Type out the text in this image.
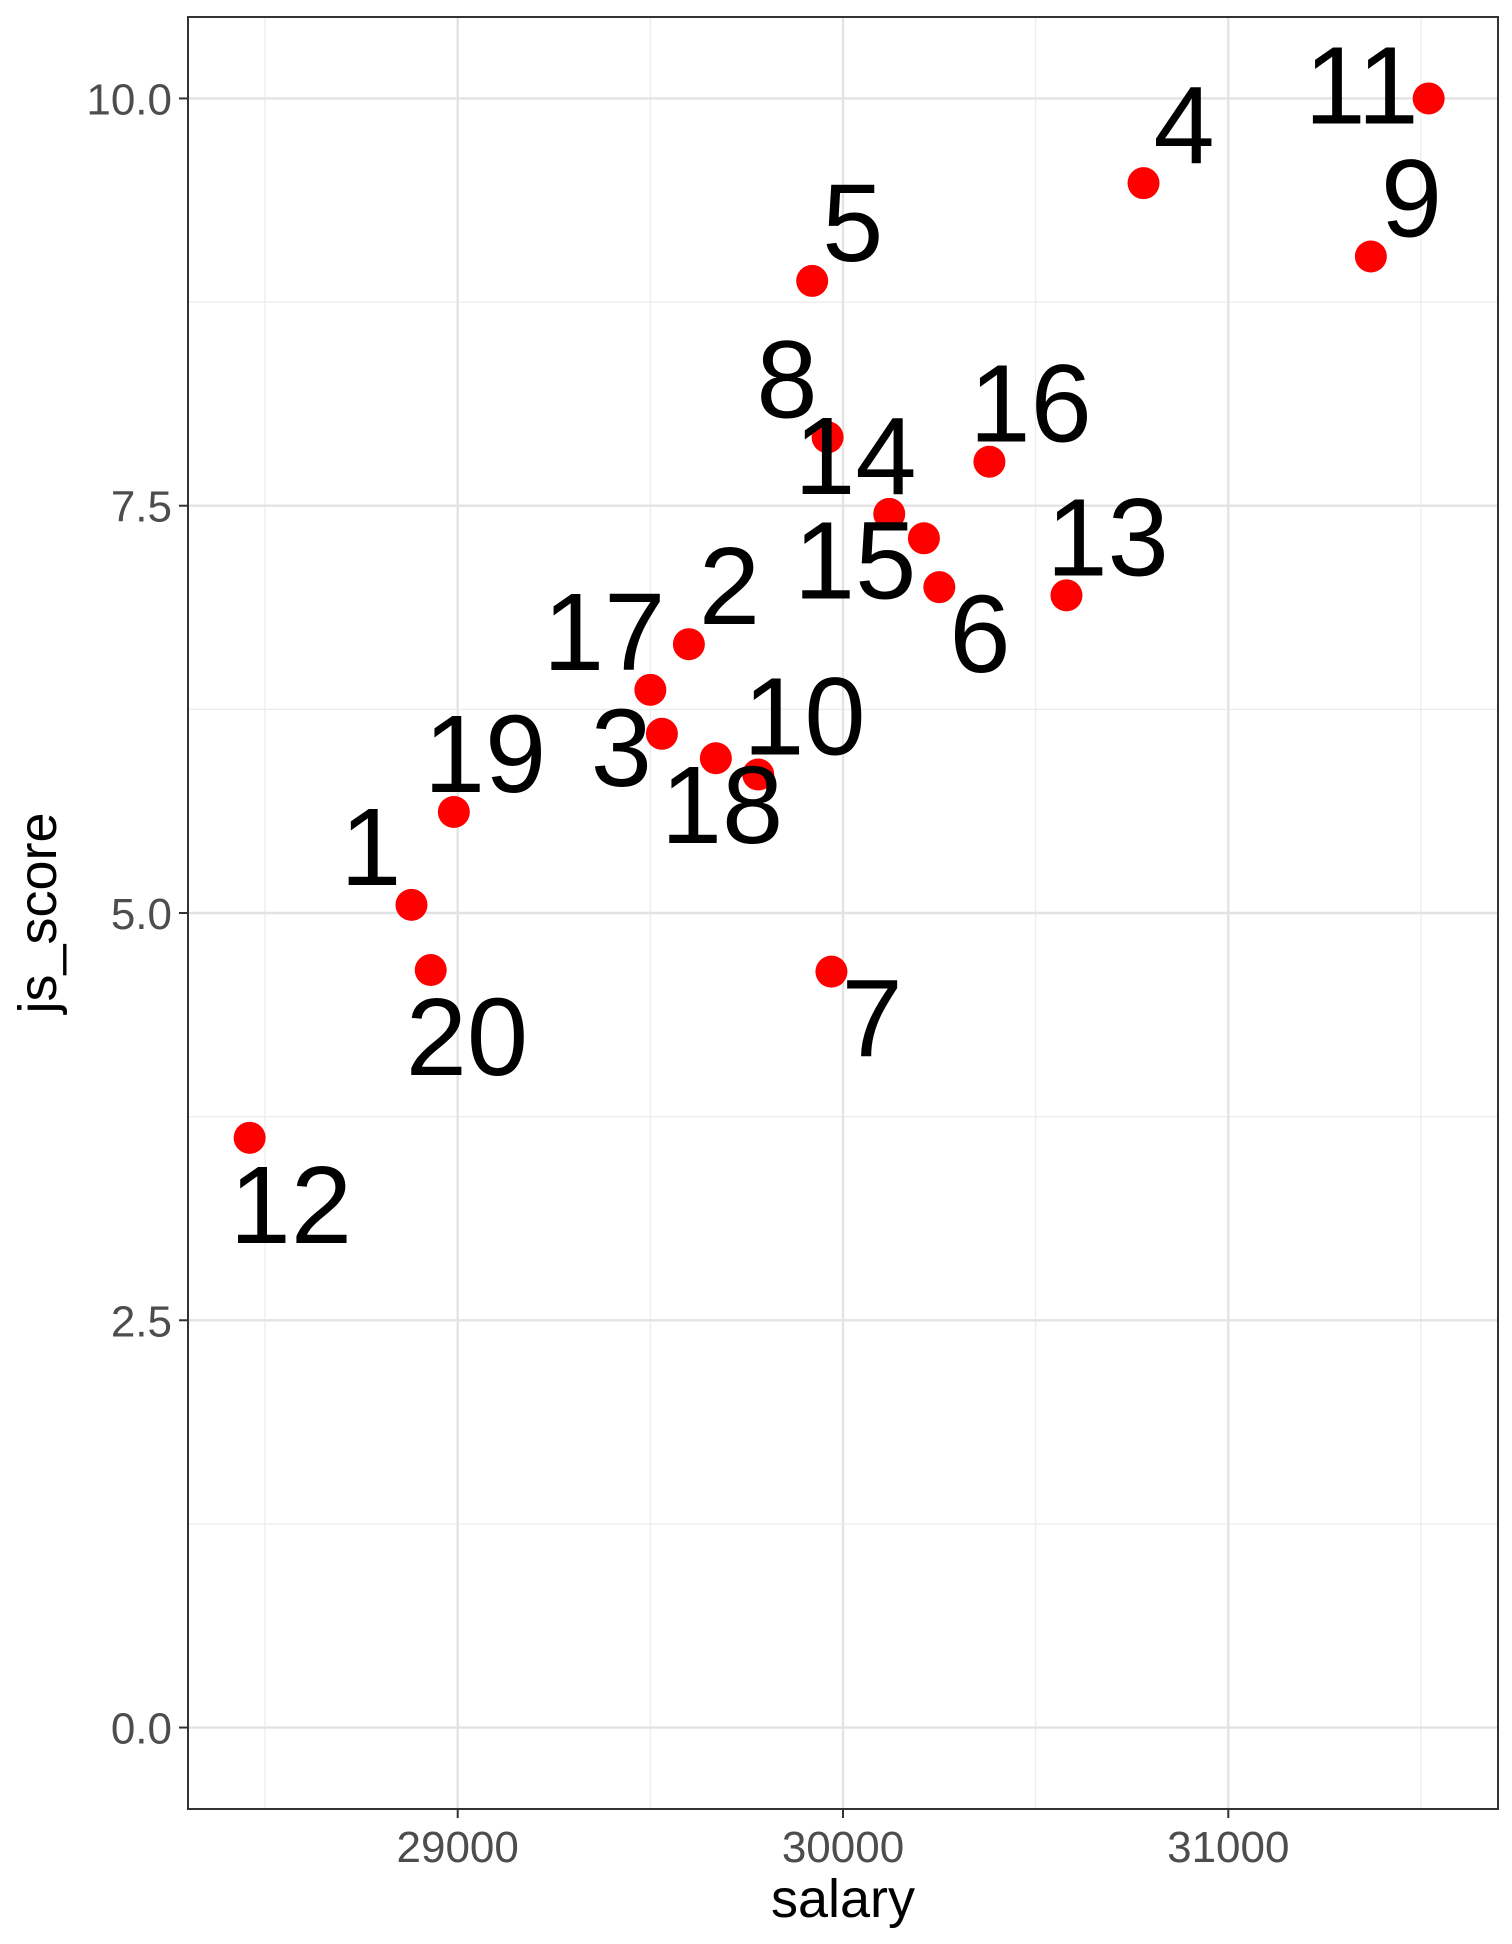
29000	30000	31000
0.0
2.5
5.0
7.5
10.0
1
2
3
4
5
6
7
8
9
10
11
12
13
14
15
16
17
18
19
20
salary
js_score
